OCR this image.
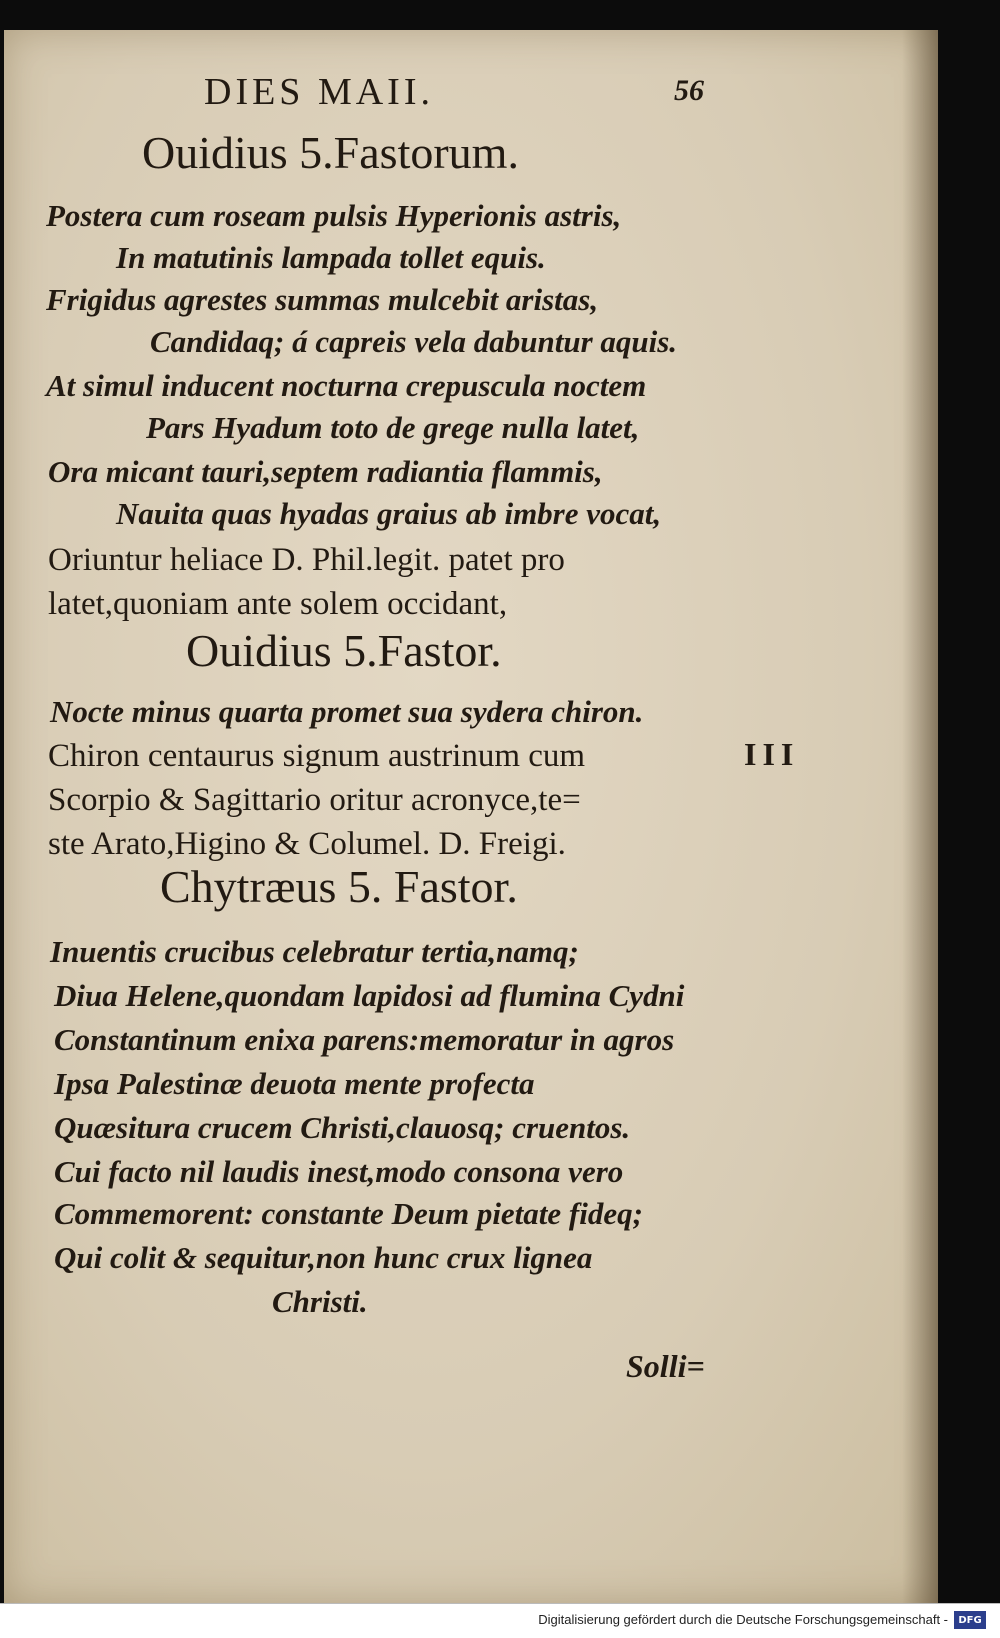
DIES MAII.	56
Ouidius 5.Fastorum.
Postera cum roseam pulsis Hyperionis astris,
In matutinis lampada tollet equis.
Frigidus agrestes summas mulcebit aristas,
Candidaq; á capreis vela dabuntur aquis.
At simul inducent nocturna crepuscula noctem
Pars Hyadum toto de grege nulla latet,
Ora micant tauri,septem radiantia flammis,
Nauita quas hyadas graius ab imbre vocat,
Oriuntur heliace D. Phil.legit. patet pro
latet,quoniam ante solem occidant,
Ouidius 5.Fastor.
Nocte minus quarta promet sua sydera chiron.
Chiron centaurus signum austrinum cum
Scorpio & Sagittario oritur acronyce,te=
ste Arato,Higino & Columel. D. Freigi.
Chytræus 5. Fastor.
Inuentis crucibus celebratur tertia,namq;
Diua Helene,quondam lapidosi ad flumina Cydni
Constantinum enixa parens:memoratur in agros
Ipsa Palestinæ deuota mente profecta
Quæsitura crucem Christi,clauosq; cruentos.
Cui facto nil laudis inest,modo consona vero
Commemorent: constante Deum pietate fideq;
Qui colit & sequitur,non hunc crux lignea
Christi.
III
Solli=
Digitalisierung gefördert durch die Deutsche Forschungsgemeinschaft -	DFG
